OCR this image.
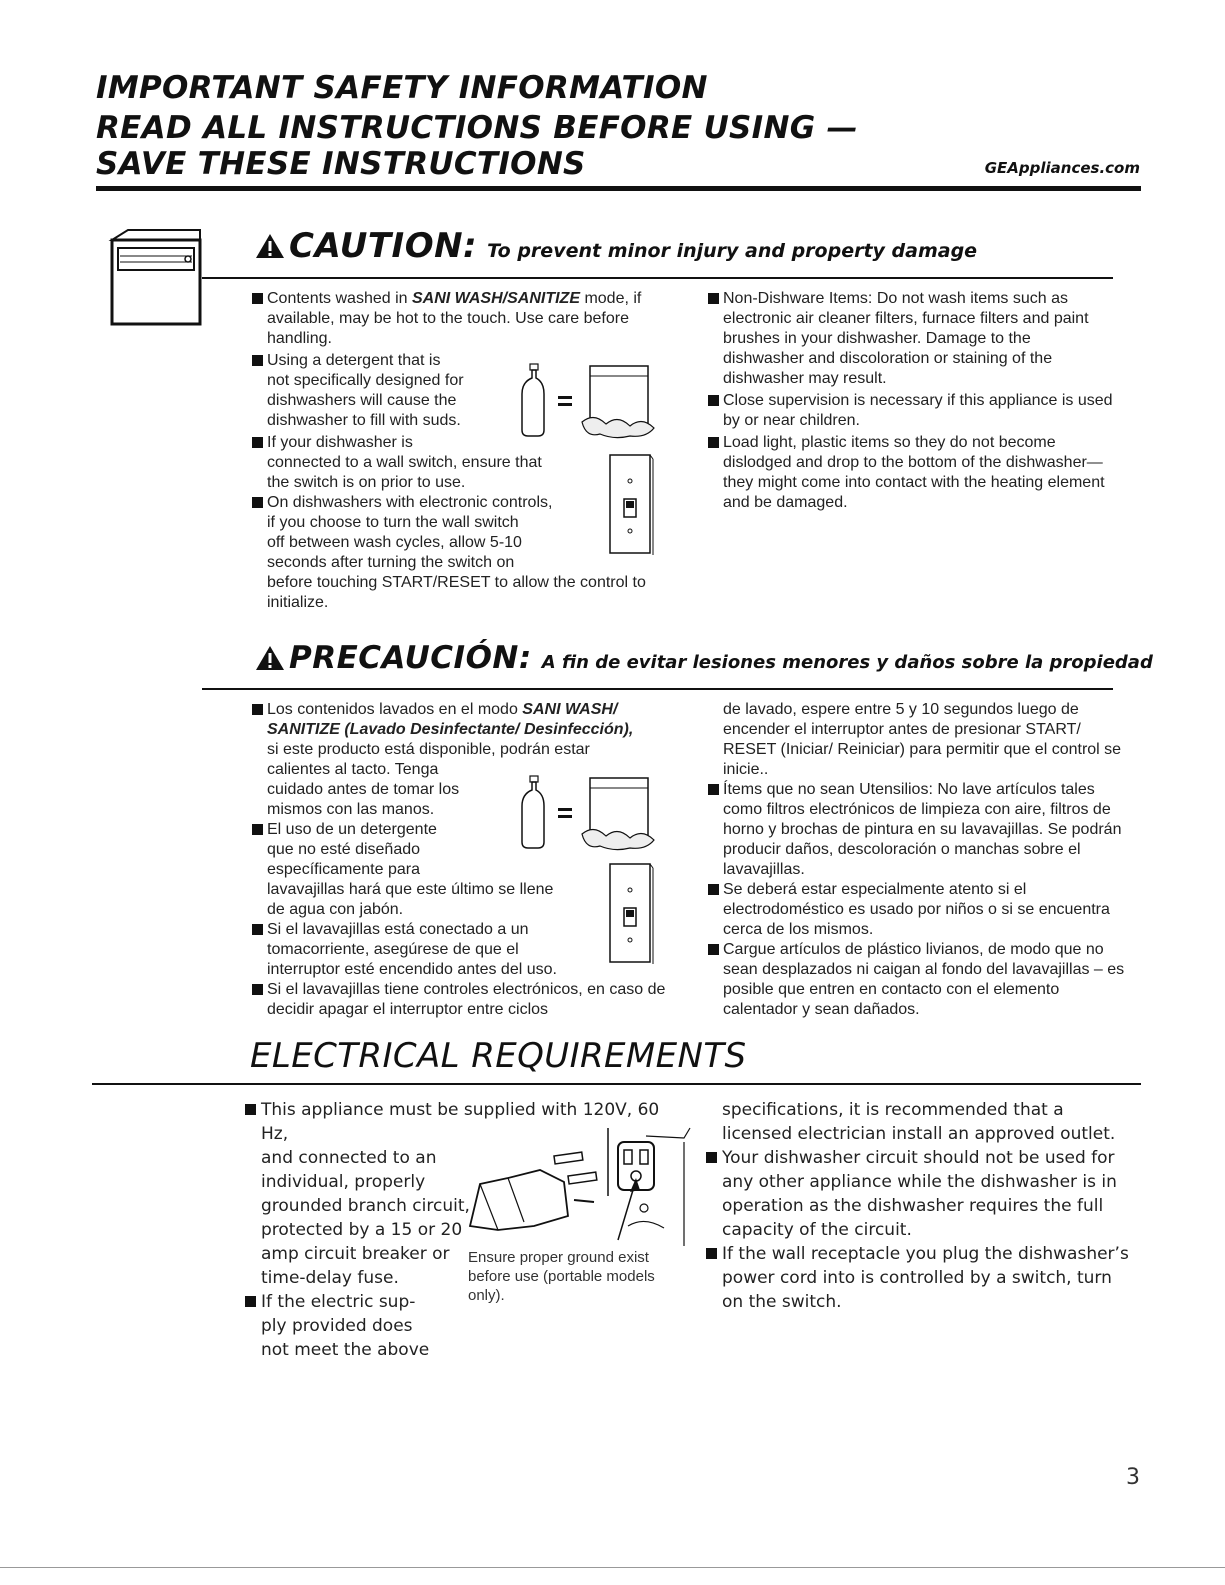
IMPORTANT SAFETY INFORMATION
READ ALL INSTRUCTIONS BEFORE USING —
SAVE THESE INSTRUCTIONS	GEAppliances.com
CAUTION: To prevent minor injury and property damage

Contents washed in SANI WASH/SANITIZE mode, if available, may be hot to the touch. Use care before handling.

Using a detergent that is
not specifically designed for
dishwashers will cause the
dishwasher to fill with suds.

If your dishwasher is
connected to a wall switch, ensure that
the switch is on prior to use.

On dishwashers with electronic controls,
if you choose to turn the wall switch
off between wash cycles, allow 5-10
seconds after turning the switch on
before touching START/RESET to allow the control to
initialize.

Non-Dishware Items: Do not wash items such as electronic air cleaner filters, furnace filters and paint brushes in your dishwasher. Damage to the dishwasher and discoloration or staining of the dishwasher may result.

Close supervision is necessary if this appliance is used by or near children.

Load light, plastic items so they do not become dislodged and drop to the bottom of the dishwasher—they might come into contact with the heating element and be damaged.

PRECAUCIÓN: A fin de evitar lesiones menores y daños sobre la propiedad

Los contenidos lavados en el modo SANI WASH/ SANITIZE (Lavado Desinfectante/ Desinfección),
si este producto está disponible, podrán estar
calientes al tacto. Tenga
cuidado antes de tomar los
mismos con las manos.

El uso de un detergente
que no esté diseñado
específicamente para
lavavajillas hará que este último se llene
de agua con jabón.

Si el lavavajillas está conectado a un
tomacorriente, asegúrese de que el
interruptor esté encendido antes del uso.

Si el lavavajillas tiene controles electrónicos, en caso de decidir apagar el interruptor entre ciclos

de lavado, espere entre 5 y 10 segundos luego de encender el interruptor antes de presionar START/ RESET (Iniciar/ Reiniciar) para permitir que el control se inicie..

Ítems que no sean Utensilios: No lave artículos tales como filtros electrónicos de limpieza con aire, filtros de horno y brochas de pintura en su lavavajillas. Se podrán producir daños, descoloración o manchas sobre el lavavajillas.

Se deberá estar especialmente atento si el electrodoméstico es usado por niños o si se encuentra cerca de los mismos.

Cargue artículos de plástico livianos, de modo que no sean desplazados ni caigan al fondo del lavavajillas – es posible que entren en contacto con el elemento calentador y sean dañados.

ELECTRICAL REQUIREMENTS

This appliance must be supplied with 120V, 60 Hz,
and connected to an
individual, properly
grounded branch circuit,
protected by a 15 or 20
amp circuit breaker or
time-delay fuse.

If the electric sup-
ply provided does
not meet the above

Ensure proper ground exist before use (portable models only).

specifications, it is recommended that a licensed electrician install an approved outlet.

Your dishwasher circuit should not be used for any other appliance while the dishwasher is in operation as the dishwasher requires the full capacity of the circuit.

If the wall receptacle you plug the dishwasher’s power cord into is controlled by a switch, turn on the switch.

3
